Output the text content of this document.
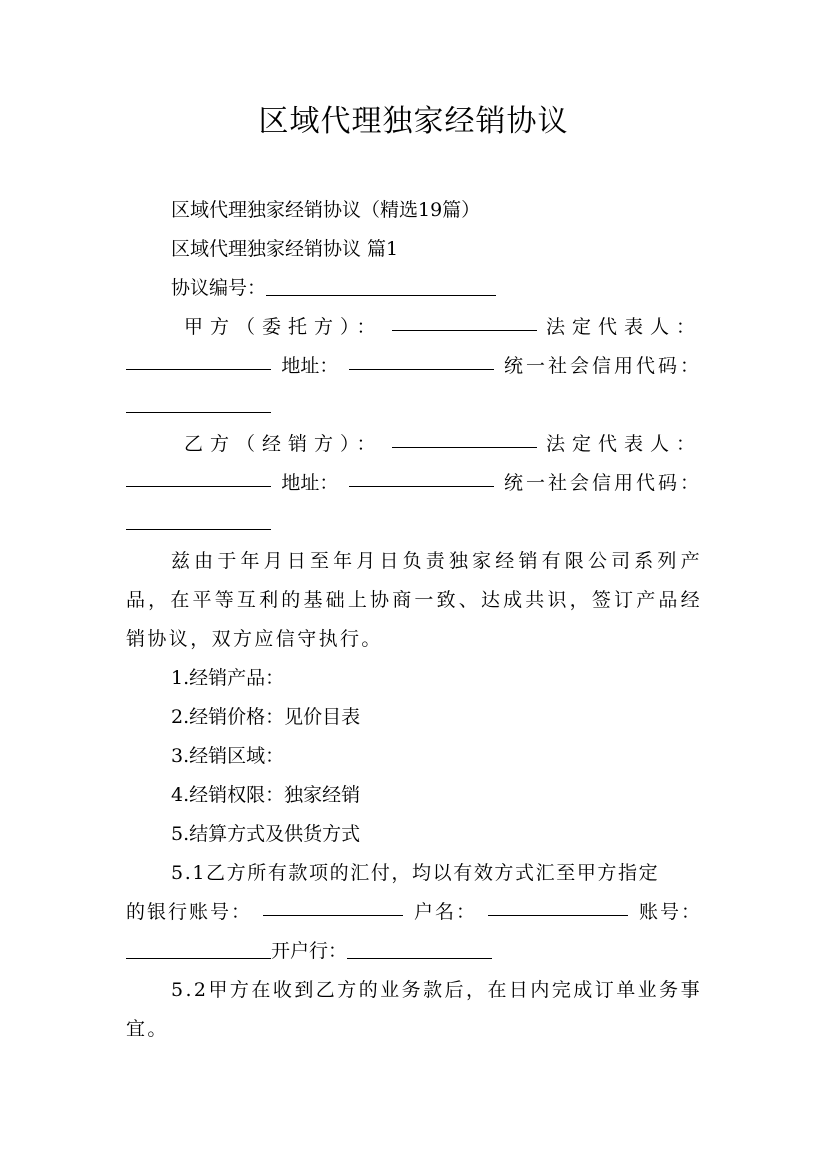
区域代理独家经销协议

区域代理独家经销协议（精选19篇）

区域代理独家经销协议 篇1

协议编号：

甲方（委托方）：	法定代表人：
地址：	统一社会信用代码：

乙方（经销方）：	法定代表人：
地址：	统一社会信用代码：

兹由于年月日至年月日负责独家经销有限公司系列产品，在平等互利的基础上协商一致、达成共识，签订产品经销协议，双方应信守执行。

1.经销产品：

2.经销价格：见价目表

3.经销区域：

4.经销权限：独家经销

5.结算方式及供货方式

5.1乙方所有款项的汇付，均以有效方式汇至甲方指定

的银行账号：	户名：	账号：

开户行：

5.2甲方在收到乙方的业务款后，在日内完成订单业务事宜。
